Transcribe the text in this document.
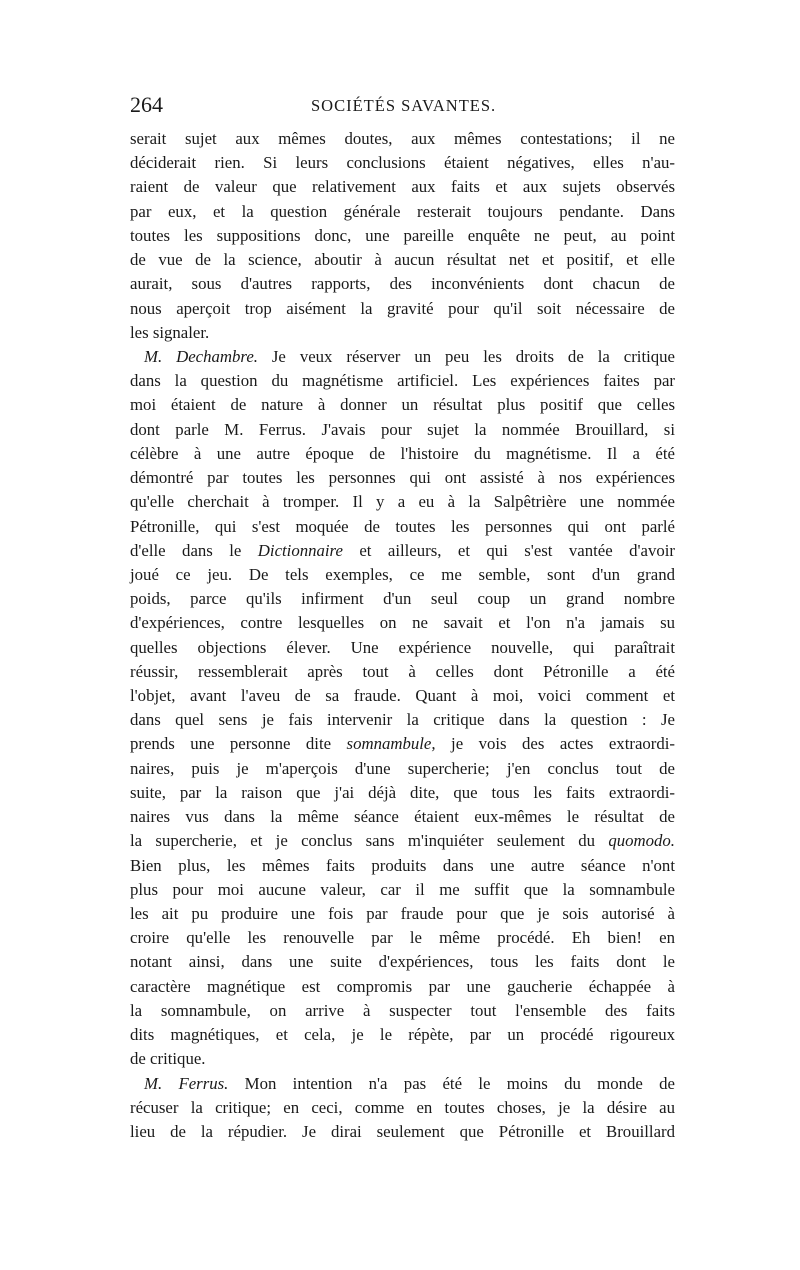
264	SOCIÉTÉS SAVANTES.
serait sujet aux mêmes doutes, aux mêmes contestations; il ne
déciderait rien. Si leurs conclusions étaient négatives, elles n'au-
raient de valeur que relativement aux faits et aux sujets observés
par eux, et la question générale resterait toujours pendante. Dans
toutes les suppositions donc, une pareille enquête ne peut, au point
de vue de la science, aboutir à aucun résultat net et positif, et elle
aurait, sous d'autres rapports, des inconvénients dont chacun de
nous aperçoit trop aisément la gravité pour qu'il soit nécessaire de
les signaler.
M. Dechambre. Je veux réserver un peu les droits de la critique
dans la question du magnétisme artificiel. Les expériences faites par
moi étaient de nature à donner un résultat plus positif que celles
dont parle M. Ferrus. J'avais pour sujet la nommée Brouillard, si
célèbre à une autre époque de l'histoire du magnétisme. Il a été
démontré par toutes les personnes qui ont assisté à nos expériences
qu'elle cherchait à tromper. Il y a eu à la Salpêtrière une nommée
Pétronille, qui s'est moquée de toutes les personnes qui ont parlé
d'elle dans le Dictionnaire et ailleurs, et qui s'est vantée d'avoir
joué ce jeu. De tels exemples, ce me semble, sont d'un grand
poids, parce qu'ils infirment d'un seul coup un grand nombre
d'expériences, contre lesquelles on ne savait et l'on n'a jamais su
quelles objections élever. Une expérience nouvelle, qui paraîtrait
réussir, ressemblerait après tout à celles dont Pétronille a été
l'objet, avant l'aveu de sa fraude. Quant à moi, voici comment et
dans quel sens je fais intervenir la critique dans la question : Je
prends une personne dite somnambule, je vois des actes extraordi-
naires, puis je m'aperçois d'une supercherie; j'en conclus tout de
suite, par la raison que j'ai déjà dite, que tous les faits extraordi-
naires vus dans la même séance étaient eux-mêmes le résultat de
la supercherie, et je conclus sans m'inquiéter seulement du quomodo.
Bien plus, les mêmes faits produits dans une autre séance n'ont
plus pour moi aucune valeur, car il me suffit que la somnambule
les ait pu produire une fois par fraude pour que je sois autorisé à
croire qu'elle les renouvelle par le même procédé. Eh bien! en
notant ainsi, dans une suite d'expériences, tous les faits dont le
caractère magnétique est compromis par une gaucherie échappée à
la somnambule, on arrive à suspecter tout l'ensemble des faits
dits magnétiques, et cela, je le répète, par un procédé rigoureux
de critique.
M. Ferrus. Mon intention n'a pas été le moins du monde de
récuser la critique; en ceci, comme en toutes choses, je la désire au
lieu de la répudier. Je dirai seulement que Pétronille et Brouillard
